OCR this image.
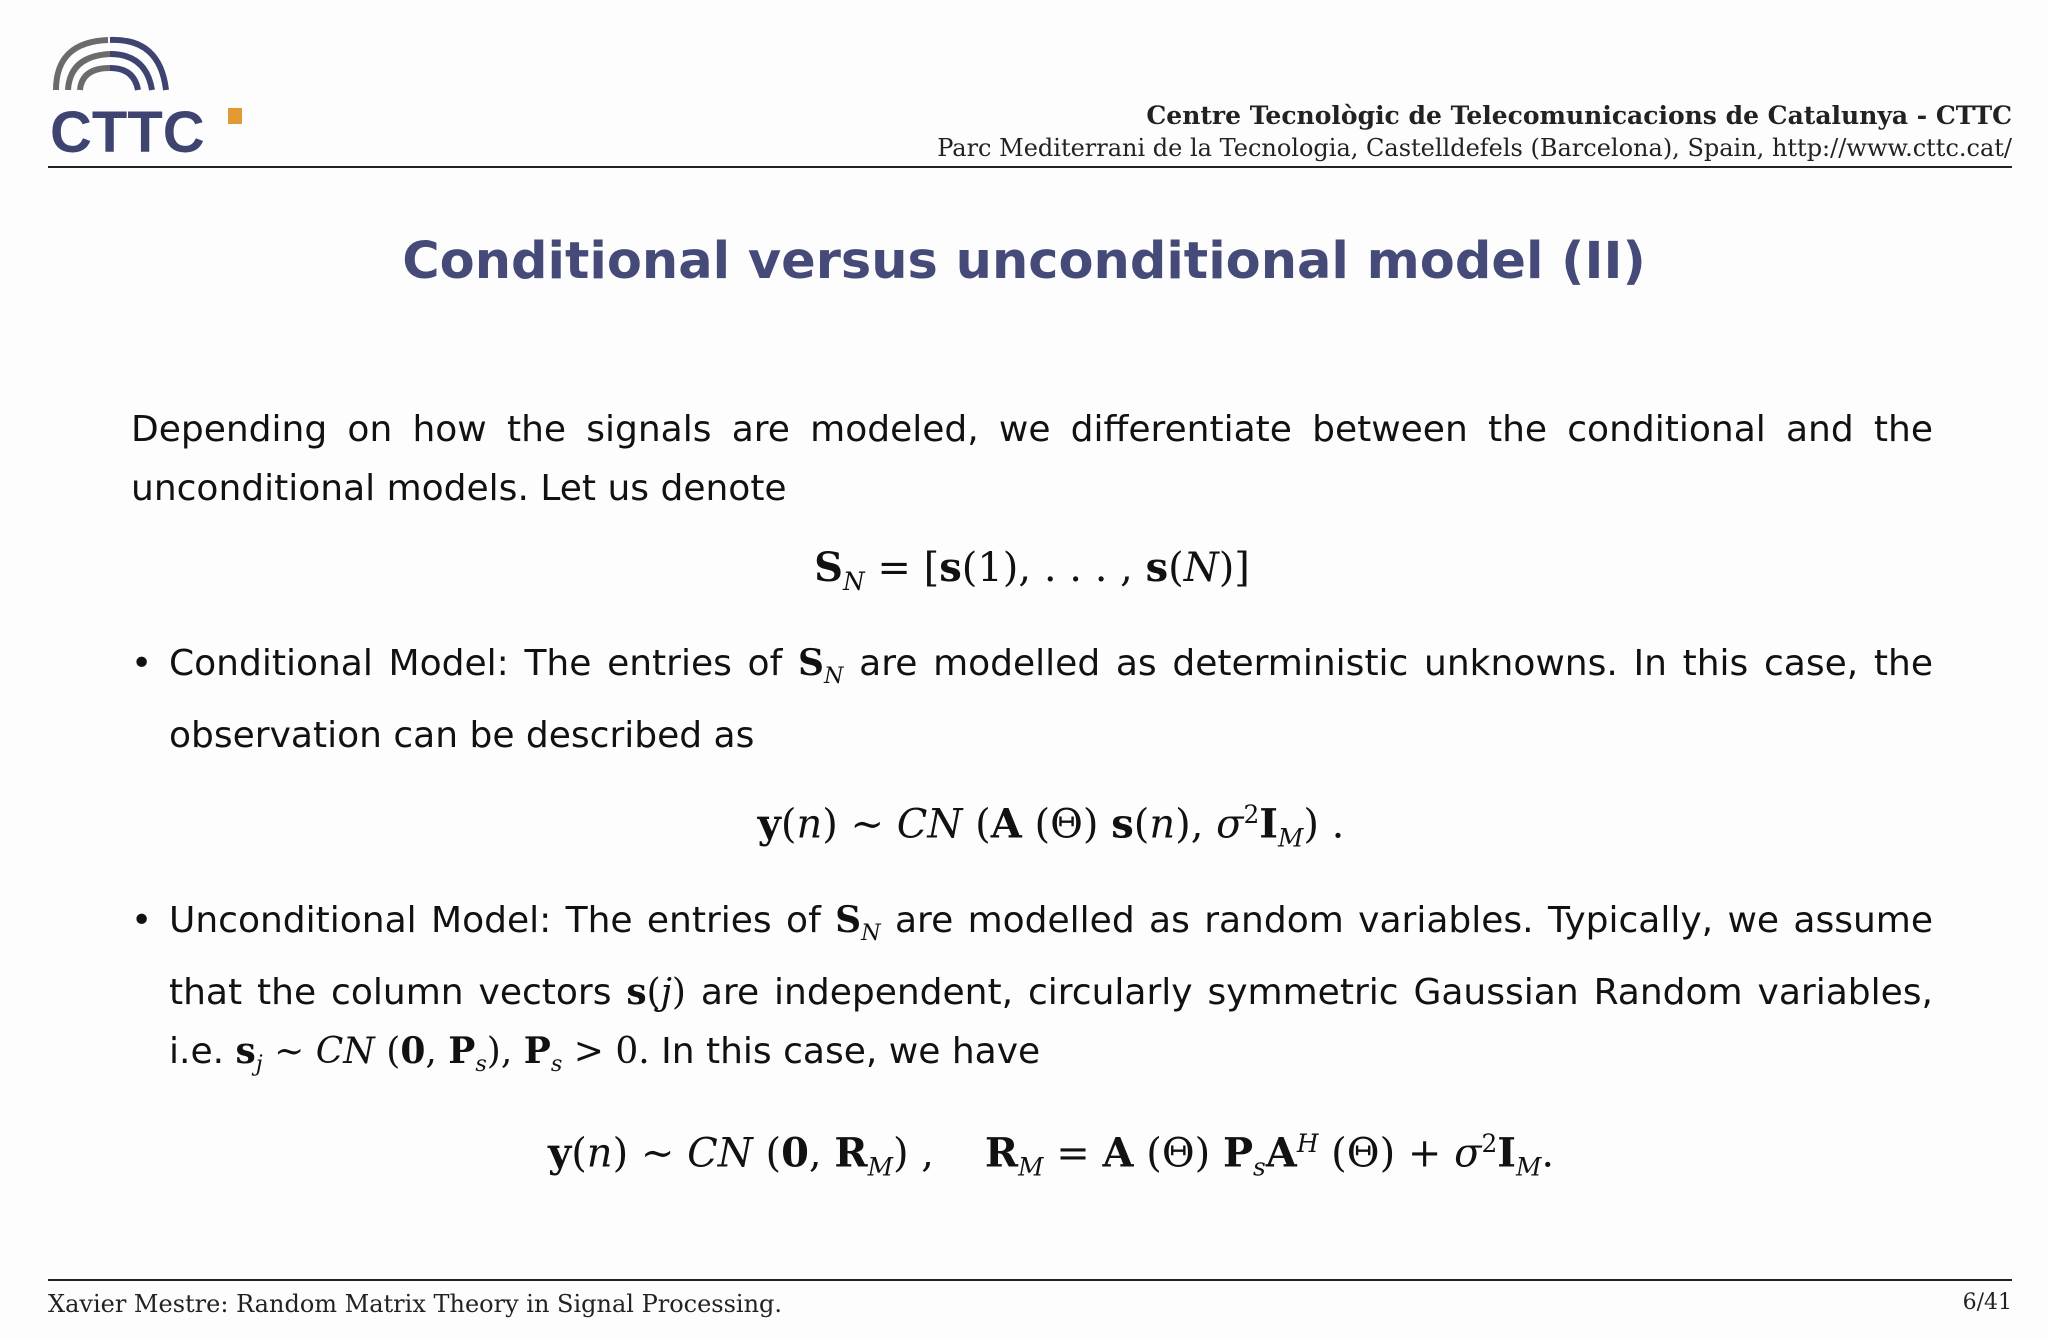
CTTC	Centre Tecnològic de Telecomunicacions de Catalunya - CTTC
Parc Mediterrani de la Tecnologia, Castelldefels (Barcelona), Spain, http://www.cttc.cat/
Conditional versus unconditional model (II)

Depending on how the signals are modeled, we differentiate between the conditional and the unconditional models. Let us denote

$S_N = [s(1)$, . . . , s(N)]
• Conditional Model: The entries of $S_N$ are modelled as deterministic unknowns. In this case, the observation can be described as
y(n) ∼ CN (A (Θ) s(n), $\sigma^2I_M$) .
• Unconditional Model: The entries of $S_N$ are modelled as random variables. Typically, we assume that the column vectors s(j) are independent, circularly symmetric Gaussian Random variables, i.e. $s_j$ ∼ CN (0, $P_s$), $P_s > 0$. In this case, we have
y(n) ∼ CN (0, $R_M$) ,    $R_M = A$ (Θ) $P_sA^H$ $(\Theta) + \sigma^2I_M$.
Xavier Mestre: Random Matrix Theory in Signal Processing.	6/41
